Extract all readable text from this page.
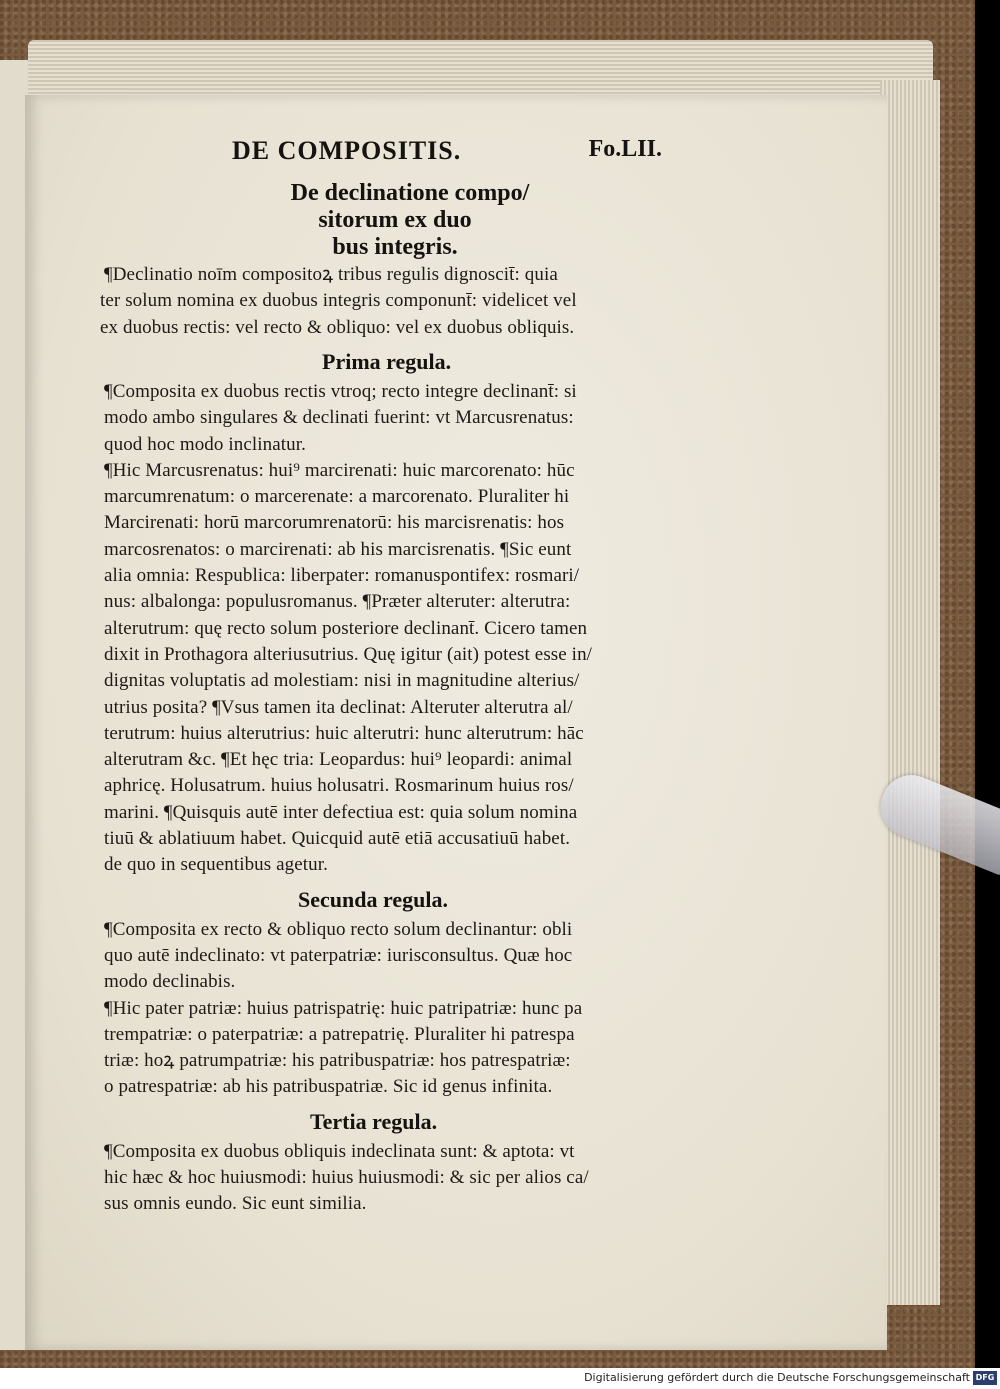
DE COMPOSITIS.	Fo.LII.
De declinatione compo/
sitorum ex duo
bus integris.
¶Declinatio noīm compositoꝝ tribus regulis dignoscit̄: quia
ter solum nomina ex duobus integris componunt̄: videlicet vel
ex duobus rectis: vel recto & obliquo: vel ex duobus obliquis.
Prima regula.
¶Composita ex duobus rectis vtroq; recto integre declinant̄: si
modo ambo singulares & declinati fuerint: vt Marcusrenatus:
quod hoc modo inclinatur.
¶Hic Marcusrenatus: hui⁹ marcirenati: huic marcorenato: hūc
marcumrenatum: o marcerenate: a marcorenato. Pluraliter hi
Marcirenati: horū marcorumrenatorū: his marcisrenatis: hos
marcosrenatos: o marcirenati: ab his marcisrenatis. ¶Sic eunt
alia omnia: Respublica: liberpater: romanuspontifex: rosmari/
nus: albalonga: populusromanus. ¶Præter alteruter: alterutra:
alterutrum: quę recto solum posteriore declinant̄. Cicero tamen
dixit in Prothagora alteriusutrius. Quę igitur (ait) potest esse in/
dignitas voluptatis ad molestiam: nisi in magnitudine alterius/
utrius posita? ¶Vsus tamen ita declinat: Alteruter alterutra al/
terutrum: huius alterutrius: huic alterutri: hunc alterutrum: hāc
alterutram &c. ¶Et hęc tria: Leopardus: hui⁹ leopardi: animal
aphricę. Holusatrum. huius holusatri. Rosmarinum huius ros/
marini. ¶Quisquis autē inter defectiua est: quia solum nomina
tiuū & ablatiuum habet. Quicquid autē etiā accusatiuū habet.
de quo in sequentibus agetur.
Secunda regula.
¶Composita ex recto & obliquo recto solum declinantur: obli
quo autē indeclinato: vt paterpatriæ: iurisconsultus. Quæ hoc
modo declinabis.
¶Hic pater patriæ: huius patrispatrię: huic patripatriæ: hunc pa
trempatriæ: o paterpatriæ: a patrepatrię. Pluraliter hi patrespa
triæ: hoꝝ patrumpatriæ: his patribuspatriæ: hos patrespatriæ:
o patrespatriæ: ab his patribuspatriæ. Sic id genus infinita.
Tertia regula.
¶Composita ex duobus obliquis indeclinata sunt: & aptota: vt
hic hæc & hoc huiusmodi: huius huiusmodi: & sic per alios ca/
sus omnis eundo. Sic eunt similia.
Digitalisierung gefördert durch die Deutsche Forschungsgemeinschaft DFG
